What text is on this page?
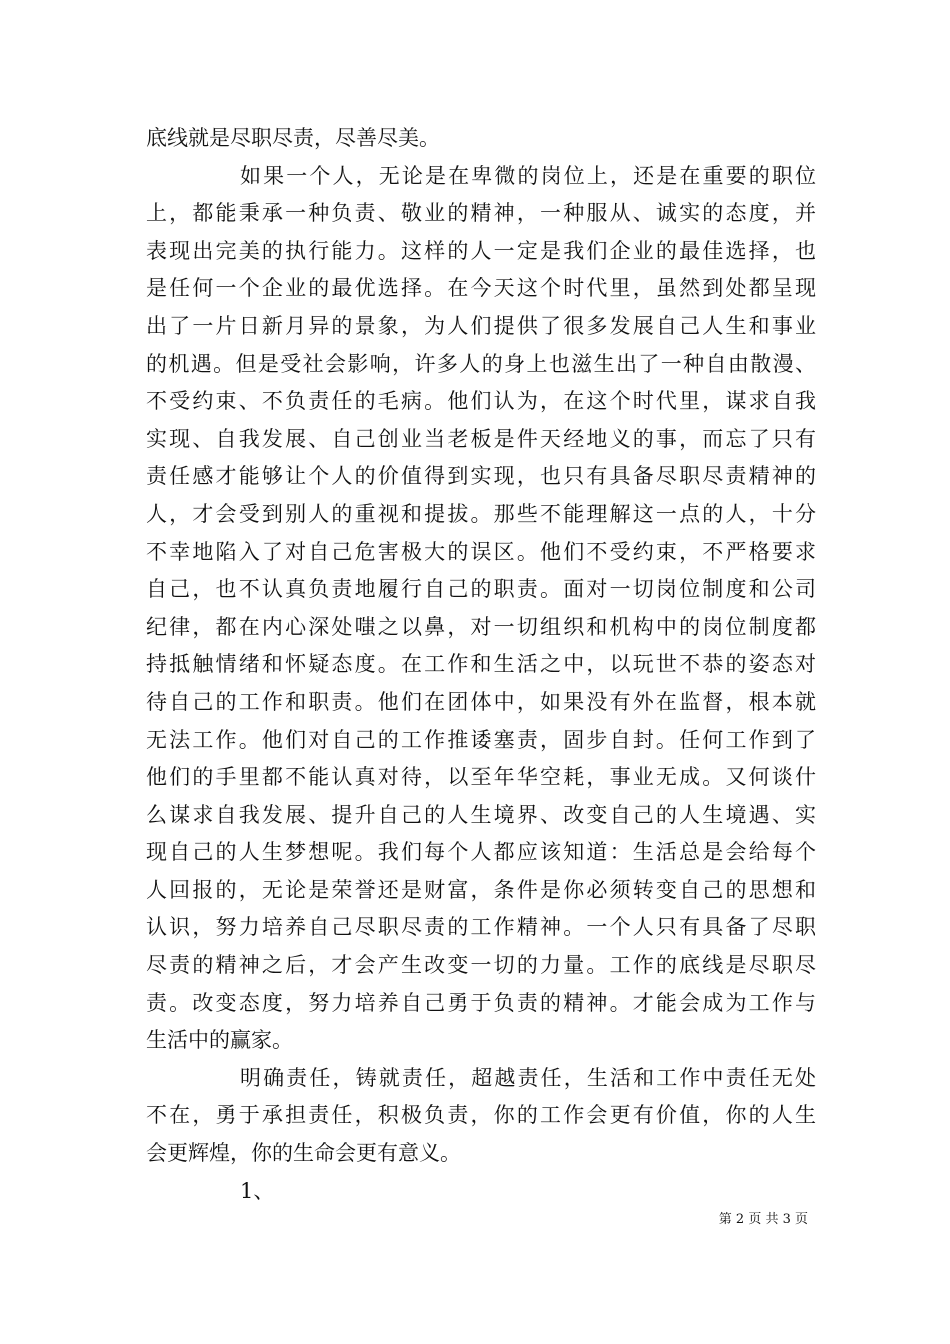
底线就是尽职尽责，尽善尽美。
如果一个人，无论是在卑微的岗位上，还是在重要的职位
上，都能秉承一种负责、敬业的精神，一种服从、诚实的态度，并
表现出完美的执行能力。这样的人一定是我们企业的最佳选择，也
是任何一个企业的最优选择。在今天这个时代里，虽然到处都呈现
出了一片日新月异的景象，为人们提供了很多发展自己人生和事业
的机遇。但是受社会影响，许多人的身上也滋生出了一种自由散漫、
不受约束、不负责任的毛病。他们认为，在这个时代里，谋求自我
实现、自我发展、自己创业当老板是件天经地义的事，而忘了只有
责任感才能够让个人的价值得到实现，也只有具备尽职尽责精神的
人，才会受到别人的重视和提拔。那些不能理解这一点的人，十分
不幸地陷入了对自己危害极大的误区。他们不受约束，不严格要求
自己，也不认真负责地履行自己的职责。面对一切岗位制度和公司
纪律，都在内心深处嗤之以鼻，对一切组织和机构中的岗位制度都
持抵触情绪和怀疑态度。在工作和生活之中，以玩世不恭的姿态对
待自己的工作和职责。他们在团体中，如果没有外在监督，根本就
无法工作。他们对自己的工作推诿塞责，固步自封。任何工作到了
他们的手里都不能认真对待，以至年华空耗，事业无成。又何谈什
么谋求自我发展、提升自己的人生境界、改变自己的人生境遇、实
现自己的人生梦想呢。我们每个人都应该知道：生活总是会给每个
人回报的，无论是荣誉还是财富，条件是你必须转变自己的思想和
认识，努力培养自己尽职尽责的工作精神。一个人只有具备了尽职
尽责的精神之后，才会产生改变一切的力量。工作的底线是尽职尽
责。改变态度，努力培养自己勇于负责的精神。才能会成为工作与
生活中的赢家。
明确责任，铸就责任，超越责任，生活和工作中责任无处
不在，勇于承担责任，积极负责，你的工作会更有价值，你的人生
会更辉煌，你的生命会更有意义。
1、
第 2 页 共 3 页
